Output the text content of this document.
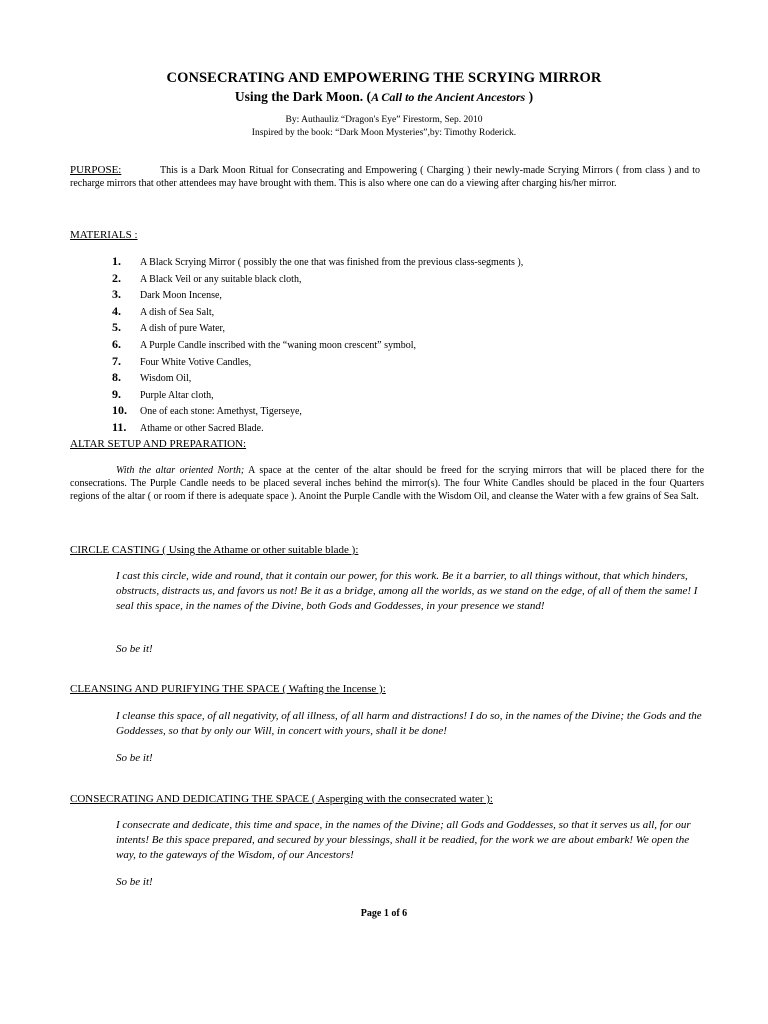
CONSECRATING AND EMPOWERING THE SCRYING MIRROR
Using the Dark Moon. (A Call to the Ancient Ancestors )
By: Authauliz “Dragon's Eye” Firestorm, Sep. 2010
Inspired by the book: “Dark Moon Mysteries”,by: Timothy Roderick.
PURPOSE:	This is a Dark Moon Ritual for Consecrating and Empowering ( Charging ) their newly-made Scrying Mirrors ( from class ) and to recharge mirrors that other attendees may have brought with them. This is also where one can do a viewing after charging his/her mirror.
MATERIALS :
1. A Black Scrying Mirror ( possibly the one that was finished from the previous class-segments ),
2. A Black Veil or any suitable black cloth,
3. Dark Moon Incense,
4. A dish of Sea Salt,
5. A dish of pure Water,
6. A Purple Candle inscribed with the “waning moon crescent” symbol,
7. Four White Votive Candles,
8. Wisdom Oil,
9. Purple Altar cloth,
10. One of each stone: Amethyst, Tigerseye,
11. Athame or other Sacred Blade.
ALTAR SETUP AND PREPARATION:
With the altar oriented North; A space at the center of the altar should be freed for the scrying mirrors that will be placed there for the consecrations. The Purple Candle needs to be placed several inches behind the mirror(s). The four White Candles should be placed in the four Quarters regions of the altar ( or room if there is adequate space ). Anoint the Purple Candle with the Wisdom Oil, and cleanse the Water with a few grains of Sea Salt.
CIRCLE CASTING ( Using the Athame or other suitable blade ):
I cast this circle, wide and round, that it contain our power, for this work. Be it a barrier, to all things without, that which hinders, obstructs, distracts us, and favors us not! Be it as a bridge, among all the worlds, as we stand on the edge, of all of them the same! I seal this space, in the names of the Divine, both Gods and Goddesses, in your presence we stand!
So be it!
CLEANSING AND PURIFYING THE SPACE ( Wafting the Incense ):
I cleanse this space, of all negativity, of all illness, of all harm and distractions! I do so, in the names of the Divine; the Gods and the Goddesses, so that by only our Will, in concert with yours, shall it be done!
So be it!
CONSECRATING AND DEDICATING THE SPACE ( Asperging with the consecrated water ):
I consecrate and dedicate, this time and space, in the names of the Divine; all Gods and Goddesses, so that it serves us all, for our intents! Be this space prepared, and secured by your blessings, shall it be readied, for the work we are about embark! We open the way, to the gateways of the Wisdom, of our Ancestors!
So be it!
Page 1 of 6
